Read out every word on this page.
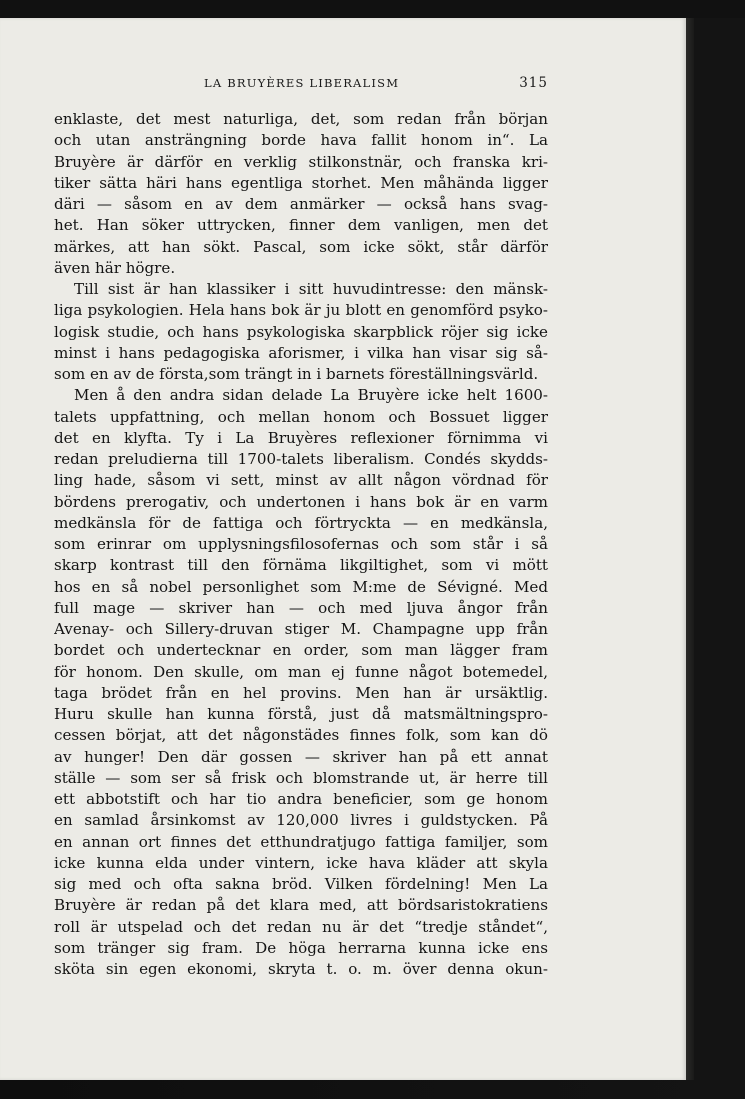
LA BRUYÈRES LIBERALISM	315
enklaste, det mest naturliga, det, som redan från början
och utan ansträngning borde hava fallit honom in“. La
Bruyère är därför en verklig stilkonstnär, och franska kri-
tiker sätta häri hans egentliga storhet. Men måhända ligger
däri — såsom en av dem anmärker — också hans svag-
het. Han söker uttrycken, finner dem vanligen, men det
märkes, att han sökt. Pascal, som icke sökt, står därför
även här högre.
Till sist är han klassiker i sitt huvudintresse: den mänsk-
liga psykologien. Hela hans bok är ju blott en genomförd psyko-
logisk studie, och hans psykologiska skarpblick röjer sig icke
minst i hans pedagogiska aforismer, i vilka han visar sig så-
som en av de första,som trängt in i barnets föreställningsvärld.
Men å den andra sidan delade La Bruyère icke helt 1600-
talets uppfattning, och mellan honom och Bossuet ligger
det en klyfta. Ty i La Bruyères reflexioner förnimma vi
redan preludierna till 1700-talets liberalism. Condés skydds-
ling hade, såsom vi sett, minst av allt någon vördnad för
bördens prerogativ, och undertonen i hans bok är en varm
medkänsla för de fattiga och förtryckta — en medkänsla,
som erinrar om upplysningsfilosofernas och som står i så
skarp kontrast till den förnäma likgiltighet, som vi mött
hos en så nobel personlighet som M:me de Sévigné. Med
full mage — skriver han — och med ljuva ångor från
Avenay- och Sillery-druvan stiger M. Champagne upp från
bordet och undertecknar en order, som man lägger fram
för honom. Den skulle, om man ej funne något botemedel,
taga brödet från en hel provins. Men han är ursäktlig.
Huru skulle han kunna förstå, just då matsmältningspro-
cessen börjat, att det någonstädes finnes folk, som kan dö
av hunger! Den där gossen — skriver han på ett annat
ställe — som ser så frisk och blomstrande ut, är herre till
ett abbotstift och har tio andra beneficier, som ge honom
en samlad årsinkomst av 120,000 livres i guldstycken. På
en annan ort finnes det etthundratjugo fattiga familjer, som
icke kunna elda under vintern, icke hava kläder att skyla
sig med och ofta sakna bröd. Vilken fördelning! Men La
Bruyère är redan på det klara med, att bördsaristokratiens
roll är utspelad och det redan nu är det “tredje ståndet“,
som tränger sig fram. De höga herrarna kunna icke ens
sköta sin egen ekonomi, skryta t. o. m. över denna okun-
